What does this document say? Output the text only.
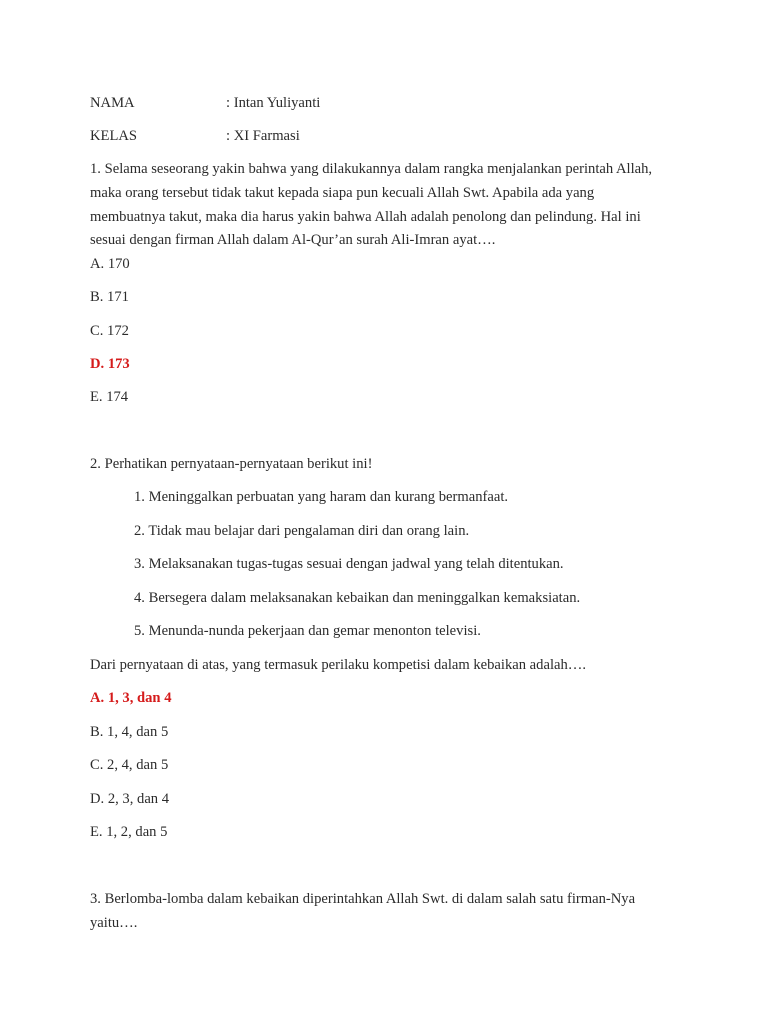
NAMA	: Intan Yuliyanti
KELAS	: XI Farmasi
1. Selama seseorang yakin bahwa yang dilakukannya dalam rangka menjalankan perintah Allah,
maka orang tersebut tidak takut kepada siapa pun kecuali Allah Swt. Apabila ada yang
membuatnya takut, maka dia harus yakin bahwa Allah adalah penolong dan pelindung. Hal ini
sesuai dengan firman Allah dalam Al-Qur’an surah Ali-Imran ayat….
A. 170
B. 171
C. 172
D. 173
E. 174
2. Perhatikan pernyataan-pernyataan berikut ini!
1. Meninggalkan perbuatan yang haram dan kurang bermanfaat.
2. Tidak mau belajar dari pengalaman diri dan orang lain.
3. Melaksanakan tugas-tugas sesuai dengan jadwal yang telah ditentukan.
4. Bersegera dalam melaksanakan kebaikan dan meninggalkan kemaksiatan.
5. Menunda-nunda pekerjaan dan gemar menonton televisi.
Dari pernyataan di atas, yang termasuk perilaku kompetisi dalam kebaikan adalah….
A. 1, 3, dan 4
B. 1, 4, dan 5
C. 2, 4, dan 5
D. 2, 3, dan 4
E. 1, 2, dan 5
3. Berlomba-lomba dalam kebaikan diperintahkan Allah Swt. di dalam salah satu firman-Nya
yaitu….
